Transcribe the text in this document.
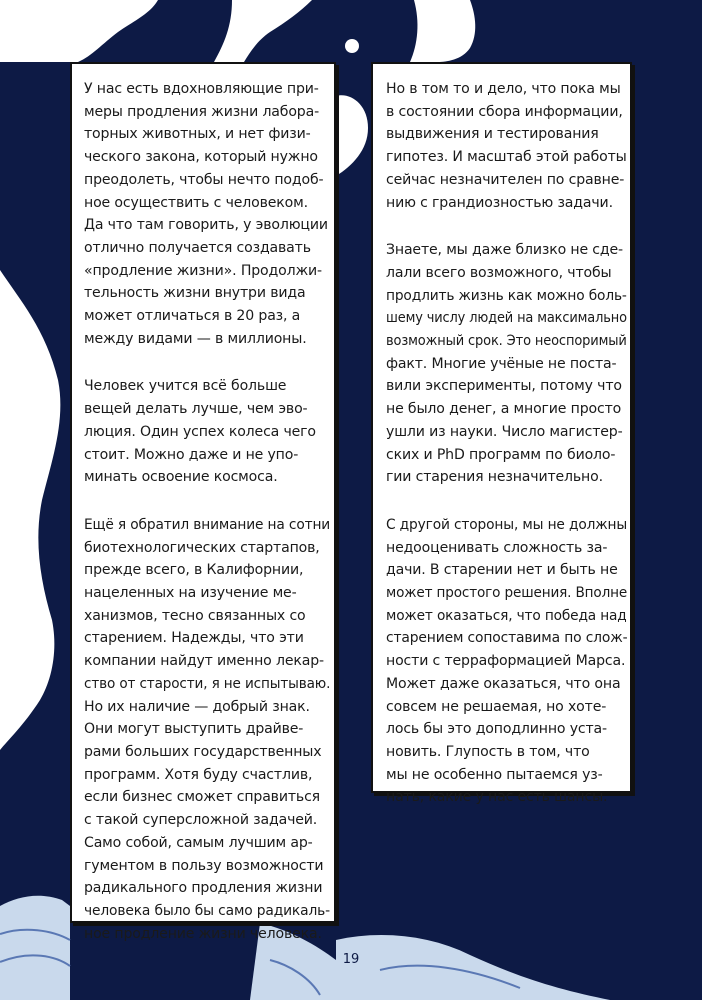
У нас есть вдохновляющие при-
меры продления жизни лабора-
торных животных, и нет физи-
ческого закона, который нужно
преодолеть, чтобы нечто подоб-
ное осуществить с человеком.
Да что там говорить, у эволюции
отлично получается создавать
«продление жизни». Продолжи-
тельность жизни внутри вида
может отличаться в 20 раз, а
между видами — в миллионы.
Человек учится всё больше
вещей делать лучше, чем эво-
люция. Один успех колеса чего
стоит. Можно даже и не упо-
минать освоение космоса.
Ещё я обратил внимание на сотни
биотехнологических стартапов,
прежде всего, в Калифорнии,
нацеленных на изучение ме-
ханизмов, тесно связанных со
старением. Надежды, что эти
компании найдут именно лекар-
ство от старости, я не испытываю.
Но их наличие — добрый знак.
Они могут выступить драйве-
рами больших государственных
программ. Хотя буду счастлив,
если бизнес сможет справиться
с такой суперсложной задачей.
Само собой, самым лучшим ар-
гументом в пользу возможности
радикального продления жизни
человека было бы само радикаль-
ное продление жизни человека.
Но в том то и дело, что пока мы
в состоянии сбора информации,
выдвижения и тестирования
гипотез. И масштаб этой работы
сейчас незначителен по сравне-
нию с грандиозностью задачи.
Знаете, мы даже близко не сде-
лали всего возможного, чтобы
продлить жизнь как можно боль-
шему числу людей на максимально
возможный срок. Это неоспоримый
факт. Многие учёные не поста-
вили эксперименты, потому что
не было денег, а многие просто
ушли из науки. Число магистер-
ских и PhD программ по биоло-
гии старения незначительно.
С другой стороны, мы не должны
недооценивать сложность за-
дачи. В старении нет и быть не
может простого решения. Вполне
может оказаться, что победа над
старением сопоставима по слож-
ности с терраформацией Марса.
Может даже оказаться, что она
совсем не решаемая, но хоте-
лось бы это доподлинно уста-
новить. Глупость в том, что
мы не особенно пытаемся уз-
нать, какие у нас есть шансы.
19
